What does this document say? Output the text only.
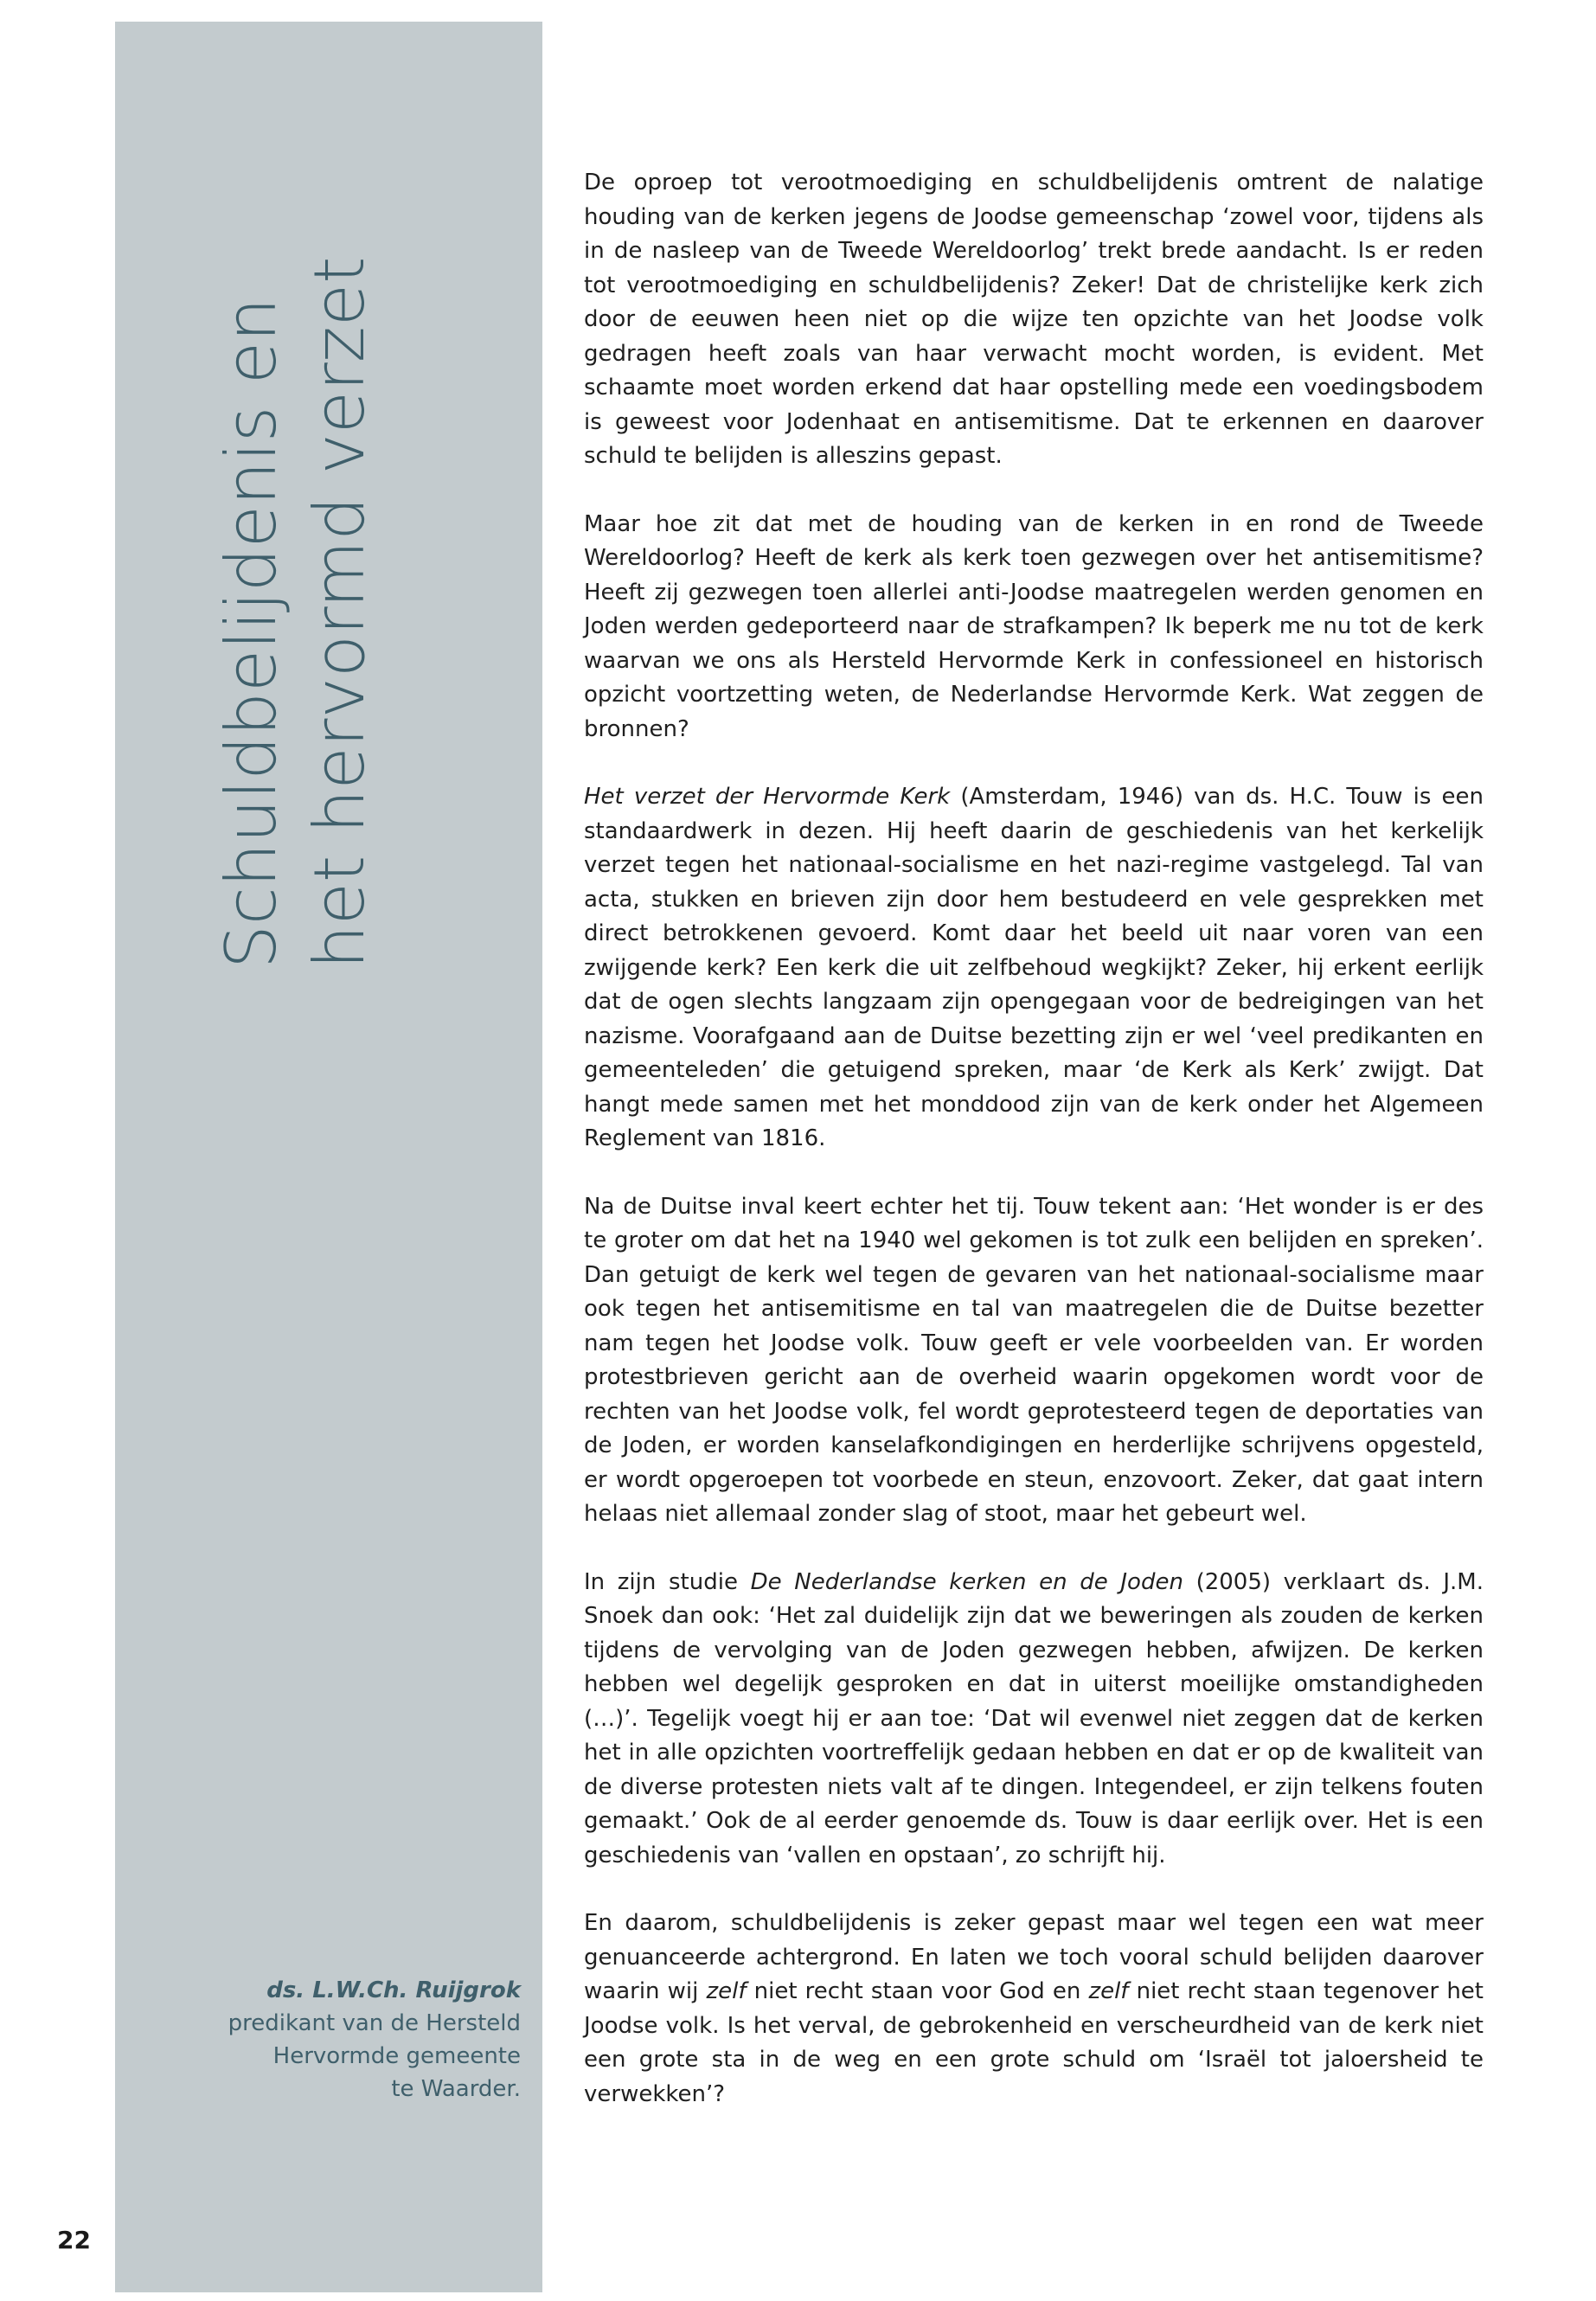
Schuldbelijdenis en het hervormd verzet
ds. L.W.Ch. Ruijgrok
predikant van de Hersteld
Hervormde gemeente
te Waarder.
22

De oproep tot verootmoediging en schuldbelijdenis omtrent de nalatige houding van de kerken jegens de Joodse gemeenschap ‘zowel voor, tijdens als in de nasleep van de Tweede Wereldoorlog’ trekt brede aandacht. Is er reden tot verootmoediging en schuldbelijdenis? Zeker! Dat de christelijke kerk zich door de eeuwen heen niet op die wijze ten opzichte van het Joodse volk gedragen heeft zoals van haar verwacht mocht worden, is evident. Met schaamte moet worden erkend dat haar opstelling mede een voedingsbodem is geweest voor Jodenhaat en antisemitisme. Dat te erkennen en daarover schuld te belijden is alleszins gepast.

Maar hoe zit dat met de houding van de kerken in en rond de Tweede Wereldoorlog? Heeft de kerk als kerk toen gezwegen over het antisemitisme? Heeft zij gezwegen toen allerlei anti-Joodse maatregelen werden genomen en Joden werden gedeporteerd naar de strafkampen? Ik beperk me nu tot de kerk waarvan we ons als Hersteld Hervormde Kerk in confessioneel en historisch opzicht voortzetting weten, de Nederlandse Hervormde Kerk. Wat zeggen de bronnen?

Het verzet der Hervormde Kerk (Amsterdam, 1946) van ds. H.C. Touw is een standaardwerk in dezen. Hij heeft daarin de geschiedenis van het kerkelijk verzet tegen het nationaal-socialisme en het nazi-regime vastgelegd. Tal van acta, stukken en brieven zijn door hem bestudeerd en vele gesprekken met direct betrokkenen gevoerd. Komt daar het beeld uit naar voren van een zwijgende kerk? Een kerk die uit zelfbehoud wegkijkt? Zeker, hij erkent eerlijk dat de ogen slechts langzaam zijn opengegaan voor de bedreigingen van het nazisme. Voorafgaand aan de Duitse bezetting zijn er wel ‘veel predikanten en gemeenteleden’ die getuigend spreken, maar ‘de Kerk als Kerk’ zwijgt. Dat hangt mede samen met het monddood zijn van de kerk onder het Algemeen Reglement van 1816.

Na de Duitse inval keert echter het tij. Touw tekent aan: ‘Het wonder is er des te groter om dat het na 1940 wel gekomen is tot zulk een belijden en spreken’. Dan getuigt de kerk wel tegen de gevaren van het nationaal-socialisme maar ook tegen het antisemitisme en tal van maatregelen die de Duitse bezetter nam tegen het Joodse volk. Touw geeft er vele voorbeelden van. Er worden protestbrieven gericht aan de overheid waarin opgekomen wordt voor de rechten van het Joodse volk, fel wordt geprotesteerd tegen de deportaties van de Joden, er worden kanselafkondigingen en herderlijke schrijvens opgesteld, er wordt opgeroepen tot voorbede en steun, enzovoort. Zeker, dat gaat intern helaas niet allemaal zonder slag of stoot, maar het gebeurt wel.

In zijn studie De Nederlandse kerken en de Joden (2005) verklaart ds. J.M. Snoek dan ook: ‘Het zal duidelijk zijn dat we beweringen als zouden de kerken tijdens de vervolging van de Joden gezwegen hebben, afwijzen. De kerken hebben wel degelijk gesproken en dat in uiterst moeilijke omstandigheden (…)’. Tegelijk voegt hij er aan toe: ‘Dat wil evenwel niet zeggen dat de kerken het in alle opzichten voortreffelijk gedaan hebben en dat er op de kwaliteit van de diverse protesten niets valt af te dingen. Integendeel, er zijn telkens fouten gemaakt.’ Ook de al eerder genoemde ds. Touw is daar eerlijk over. Het is een geschiedenis van ‘vallen en opstaan’, zo schrijft hij.

En daarom, schuldbelijdenis is zeker gepast maar wel tegen een wat meer genuanceerde achtergrond. En laten we toch vooral schuld belijden daarover waarin wij zelf niet recht staan voor God en zelf niet recht staan tegenover het Joodse volk. Is het verval, de gebrokenheid en verscheurdheid van de kerk niet een grote sta in de weg en een grote schuld om ‘Israël tot jaloersheid te verwekken’?
